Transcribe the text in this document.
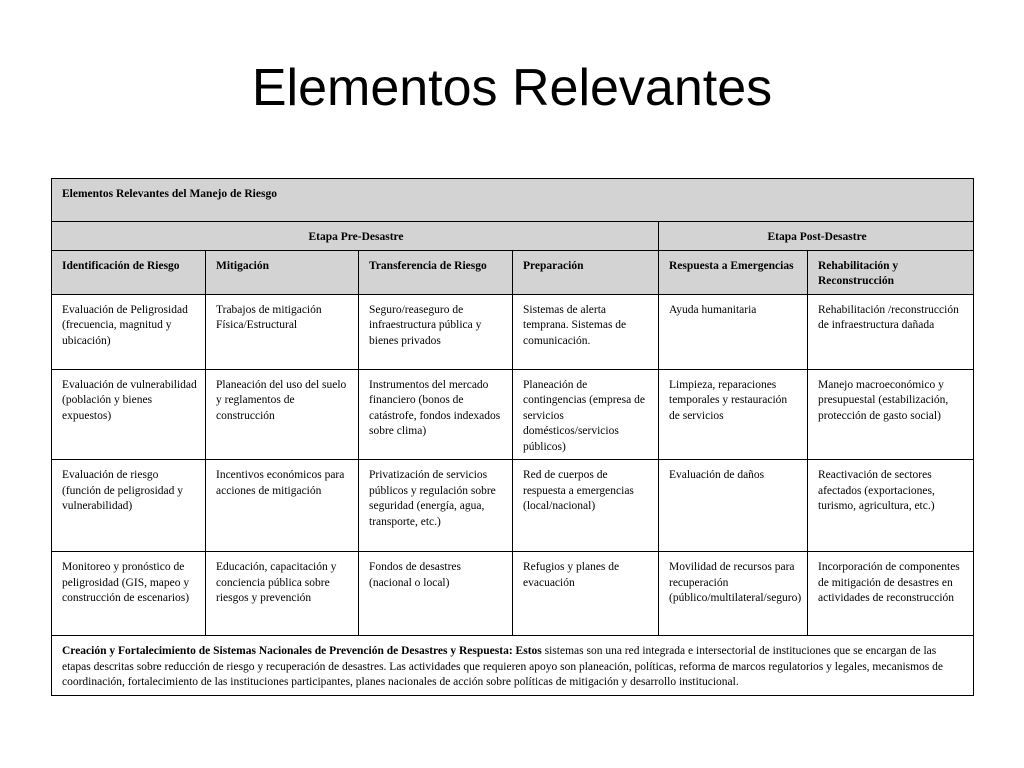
Elementos Relevantes
Elementos Relevantes del Manejo de Riesgo					
Etapa Pre-Desastre				Etapa Post-Desastre	
Identificación de Riesgo	Mitigación	Transferencia de Riesgo	Preparación	Respuesta a Emergencias	Rehabilitación y Reconstrucción
Evaluación de Peligrosidad (frecuencia, magnitud y ubicación)	Trabajos de mitigación Física/Estructural	Seguro/reaseguro de infraestructura pública y bienes privados	Sistemas de alerta temprana. Sistemas de comunicación.	Ayuda humanitaria	Rehabilitación /reconstrucción de infraestructura dañada
Evaluación de vulnerabilidad (población y bienes expuestos)	Planeación del uso del suelo y reglamentos de construcción	Instrumentos del mercado financiero (bonos de catástrofe, fondos indexados sobre clima)	Planeación de contingencias (empresa de servicios domésticos/servicios públicos)	Limpieza, reparaciones temporales y restauración de servicios	Manejo macroeconómico y presupuestal (estabilización, protección de gasto social)
Evaluación de riesgo (función de peligrosidad y vulnerabilidad)	Incentivos económicos para acciones de mitigación	Privatización de servicios públicos y regulación sobre seguridad (energía, agua, transporte, etc.)	Red de cuerpos de respuesta a emergencias (local/nacional)	Evaluación de daños	Reactivación de sectores afectados (exportaciones, turismo, agricultura, etc.)
Monitoreo y pronóstico de peligrosidad (GIS, mapeo y construcción de escenarios)	Educación, capacitación y conciencia pública sobre riesgos y prevención	Fondos de desastres (nacional o local)	Refugios y planes de evacuación	Movilidad de recursos para recuperación (público/multilateral/seguro)	Incorporación de componentes de mitigación de desastres en actividades de reconstrucción
Creación y Fortalecimiento de Sistemas Nacionales de Prevención de Desastres y Respuesta: Estos sistemas son una red integrada e intersectorial de instituciones que se encargan de las etapas descritas sobre reducción de riesgo y recuperación de desastres. Las actividades que requieren apoyo son planeación, políticas, reforma de marcos regulatorios y legales, mecanismos de coordinación, fortalecimiento de las instituciones participantes, planes nacionales de acción sobre políticas de mitigación y desarrollo institucional.					
